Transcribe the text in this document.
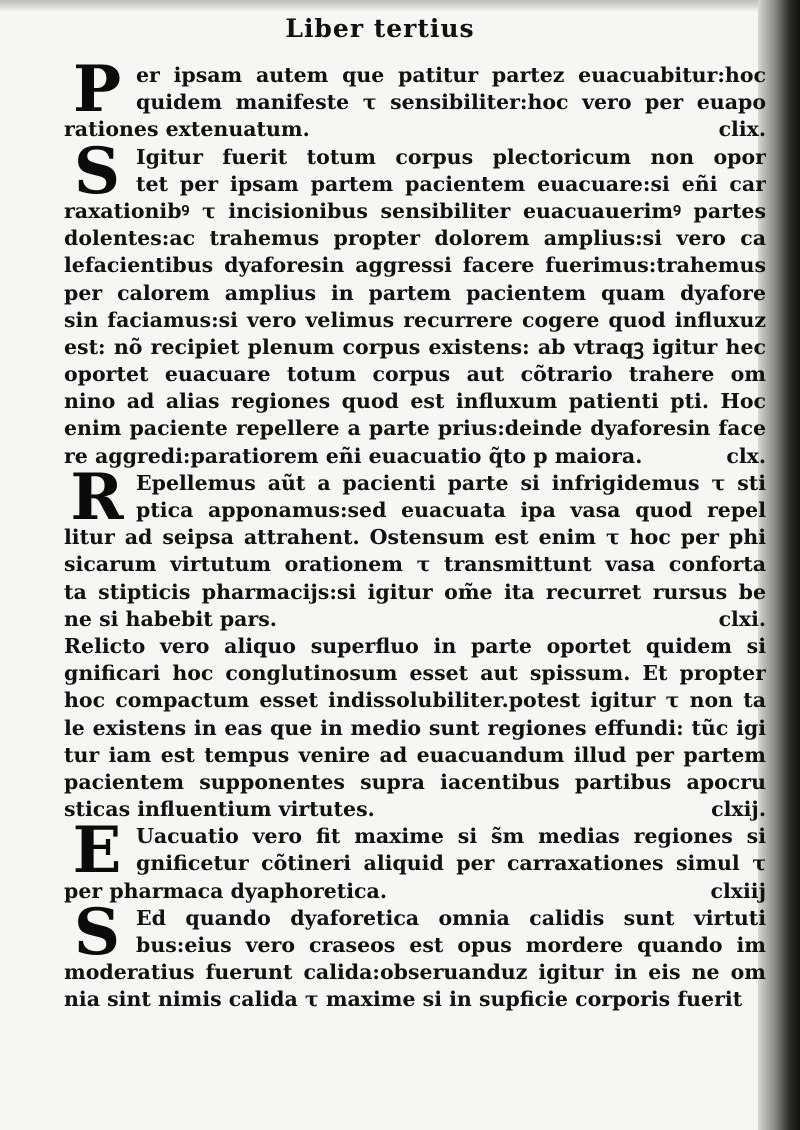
Liber tertius
P er ipsam autem que patitur partez euacuabitur:hoc
quidem manifeste τ sensibiliter:hoc vero per euapo
clix.
rationes extenuatum.
S Igitur fuerit totum corpus plectoricum non opor
tet per ipsam partem pacientem euacuare:si eñi car
raxationibꝰ τ incisionibus sensibiliter euacuauerimꝰ partes
dolentes:ac trahemus propter dolorem amplius:si vero ca
lefacientibus dyaforesin aggressi facere fuerimus:trahemus
per calorem amplius in partem pacientem quam dyafore
sin faciamus:si vero velimus recurrere cogere quod influxuz
est: nõ recipiet plenum corpus existens: ab vtraqꝫ igitur hec
oportet euacuare totum corpus aut cõtrario trahere om
nino ad alias regiones quod est influxum patienti pti. Hoc
enim paciente repellere a parte prius:deinde dyaforesin face
clx.
re aggredi:paratiorem eñi euacuatio q̃to p maiora.
R Epellemus aũt a pacienti parte si infrigidemus τ sti
ptica apponamus:sed euacuata ipa vasa quod repel
litur ad seipsa attrahent. Ostensum est enim τ hoc per phi
sicarum virtutum orationem τ transmittunt vasa conforta
ta stipticis pharmacijs:si igitur om̃e ita recurret rursus be
clxi.
ne si habebit pars.
Relicto vero aliquo superfluo in parte oportet quidem si
gnificari hoc conglutinosum esset aut spissum. Et propter
hoc compactum esset indissolubiliter.potest igitur τ non ta
le existens in eas que in medio sunt regiones effundi: tũc igi
tur iam est tempus venire ad euacuandum illud per partem
pacientem supponentes supra iacentibus partibus apocru
clxij.
sticas influentium virtutes.
E Uacuatio vero fit maxime si s̃m medias regiones si
gnificetur cõtineri aliquid per carraxationes simul τ
clxiij
per pharmaca dyaphoretica.
S Ed quando dyaforetica omnia calidis sunt virtuti
bus:eius vero craseos est opus mordere quando im
moderatius fuerunt calida:obseruanduz igitur in eis ne om
nia sint nimis calida τ maxime si in supficie corporis fuerit
